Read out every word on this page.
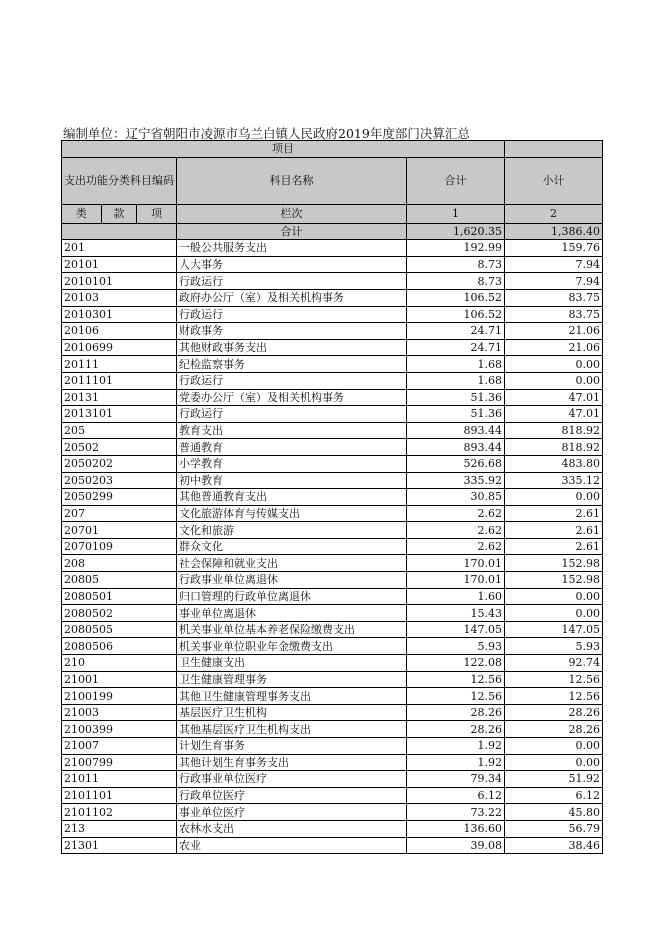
编制单位：辽宁省朝阳市凌源市乌兰白镇人民政府2019年度部门决算汇总
项目					
支出功能分类科目编码			科目名称	合计	小计
类	款	项			
			栏次	1	2
			合计	1,620.35	1,386.40
201			一般公共服务支出	192.99	159.76
20101			人大事务	8.73	7.94
2010101			行政运行	8.73	7.94
20103			政府办公厅（室）及相关机构事务	106.52	83.75
2010301			行政运行	106.52	83.75
20106			财政事务	24.71	21.06
2010699			其他财政事务支出	24.71	21.06
20111			纪检监察事务	1.68	0.00
2011101			行政运行	1.68	0.00
20131			党委办公厅（室）及相关机构事务	51.36	47.01
2013101			行政运行	51.36	47.01
205			教育支出	893.44	818.92
20502			普通教育	893.44	818.92
2050202			小学教育	526.68	483.80
2050203			初中教育	335.92	335.12
2050299			其他普通教育支出	30.85	0.00
207			文化旅游体育与传媒支出	2.62	2.61
20701			文化和旅游	2.62	2.61
2070109			群众文化	2.62	2.61
208			社会保障和就业支出	170.01	152.98
20805			行政事业单位离退休	170.01	152.98
2080501			归口管理的行政单位离退休	1.60	0.00
2080502			事业单位离退休	15.43	0.00
2080505			机关事业单位基本养老保险缴费支出	147.05	147.05
2080506			机关事业单位职业年金缴费支出	5.93	5.93
210			卫生健康支出	122.08	92.74
21001			卫生健康管理事务	12.56	12.56
2100199			其他卫生健康管理事务支出	12.56	12.56
21003			基层医疗卫生机构	28.26	28.26
2100399			其他基层医疗卫生机构支出	28.26	28.26
21007			计划生育事务	1.92	0.00
2100799			其他计划生育事务支出	1.92	0.00
21011			行政事业单位医疗	79.34	51.92
2101101			行政单位医疗	6.12	6.12
2101102			事业单位医疗	73.22	45.80
213			农林水支出	136.60	56.79
21301			农业	39.08	38.46
